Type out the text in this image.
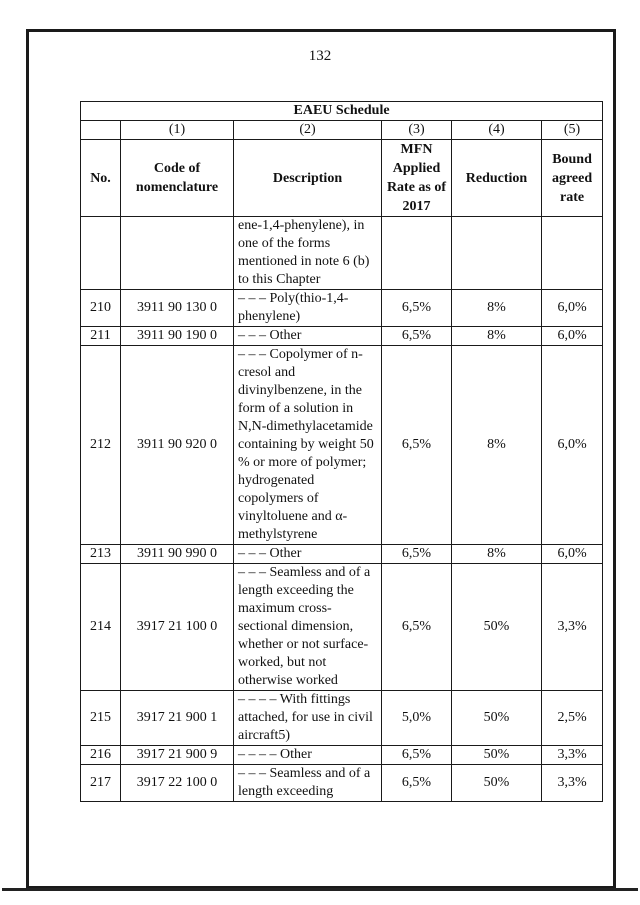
132
EAEU Schedule					
	(1)	(2)	(3)	(4)	(5)
No.	Code of nomenclature	Description	MFN Applied Rate as of 2017	Reduction	Bound agreed rate
		ene-1,4-phenylene), in one of the forms mentioned in note 6 (b) to this Chapter			
210	3911 90 130 0	– – – Poly(thio-1,4-phenylene)	6,5%	8%	6,0%
211	3911 90 190 0	– – – Other	6,5%	8%	6,0%
212	3911 90 920 0	– – – Copolymer of n-cresol and divinylbenzene, in the form of a solution in N,N-dimethylacetamide containing by weight 50 % or more of polymer; hydrogenated copolymers of vinyltoluene and α-methylstyrene	6,5%	8%	6,0%
213	3911 90 990 0	– – – Other	6,5%	8%	6,0%
214	3917 21 100 0	– – – Seamless and of a length exceeding the maximum cross-sectional dimension, whether or not surface-worked, but not otherwise worked	6,5%	50%	3,3%
215	3917 21 900 1	– – – – With fittings attached, for use in civil aircraft5)	5,0%	50%	2,5%
216	3917 21 900 9	– – – – Other	6,5%	50%	3,3%
217	3917 22 100 0	– – – Seamless and of a length exceeding	6,5%	50%	3,3%
